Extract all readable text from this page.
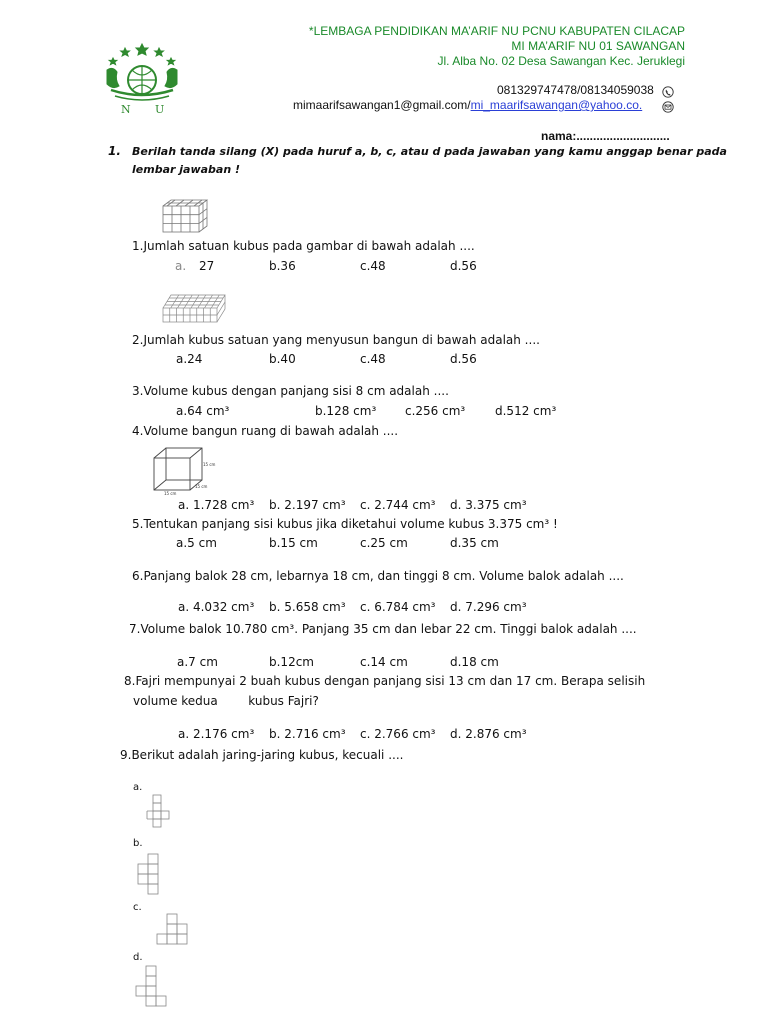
N U
*LEMBAGA PENDIDIKAN MA’ARIF NU PCNU KABUPATEN CILACAP
MI MA’ARIF NU 01 SAWANGAN
Jl. Alba No. 02 Desa Sawangan Kec. Jeruklegi
081329747478/08134059038
mimaarifsawangan1@gmail.com/mi_maarifsawangan@yahoo.co.
nama:............................
1. Berilah tanda silang (X) pada huruf a, b, c, atau d pada jawaban yang kamu anggap benar pada
lembar jawaban !
1.Jumlah satuan kubus pada gambar di bawah adalah ....
a. 27	b.36	c.48	d.56
2.Jumlah kubus satuan yang menyusun bangun di bawah adalah ....
a.24	b.40	c.48	d.56
3.Volume kubus dengan panjang sisi 8 cm adalah ....
a.64 cm³	b.128 cm³ c.256 cm³ d.512 cm³
4.Volume bangun ruang di bawah adalah ....
15 cm
15 cm
15 cm
a. 1.728 cm³ b. 2.197 cm³ c. 2.744 cm³ d. 3.375 cm³
5.Tentukan panjang sisi kubus jika diketahui volume kubus 3.375 cm³ !
a.5 cm	b.15 cm	c.25 cm	d.35 cm
6.Panjang balok 28 cm, lebarnya 18 cm, dan tinggi 8 cm. Volume balok adalah ....
a. 4.032 cm³ b. 5.658 cm³ c. 6.784 cm³ d. 7.296 cm³
7.Volume balok 10.780 cm³. Panjang 35 cm dan lebar 22 cm. Tinggi balok adalah ....
a.7 cm	b.12cm	c.14 cm	d.18 cm
8.Fajri mempunyai 2 buah kubus dengan panjang sisi 13 cm dan 17 cm. Berapa selisih
volume kedua        kubus Fajri?
a. 2.176 cm³ b. 2.716 cm³ c. 2.766 cm³ d. 2.876 cm³
9.Berikut adalah jaring-jaring kubus, kecuali ....
a.
b.
c.
d.
